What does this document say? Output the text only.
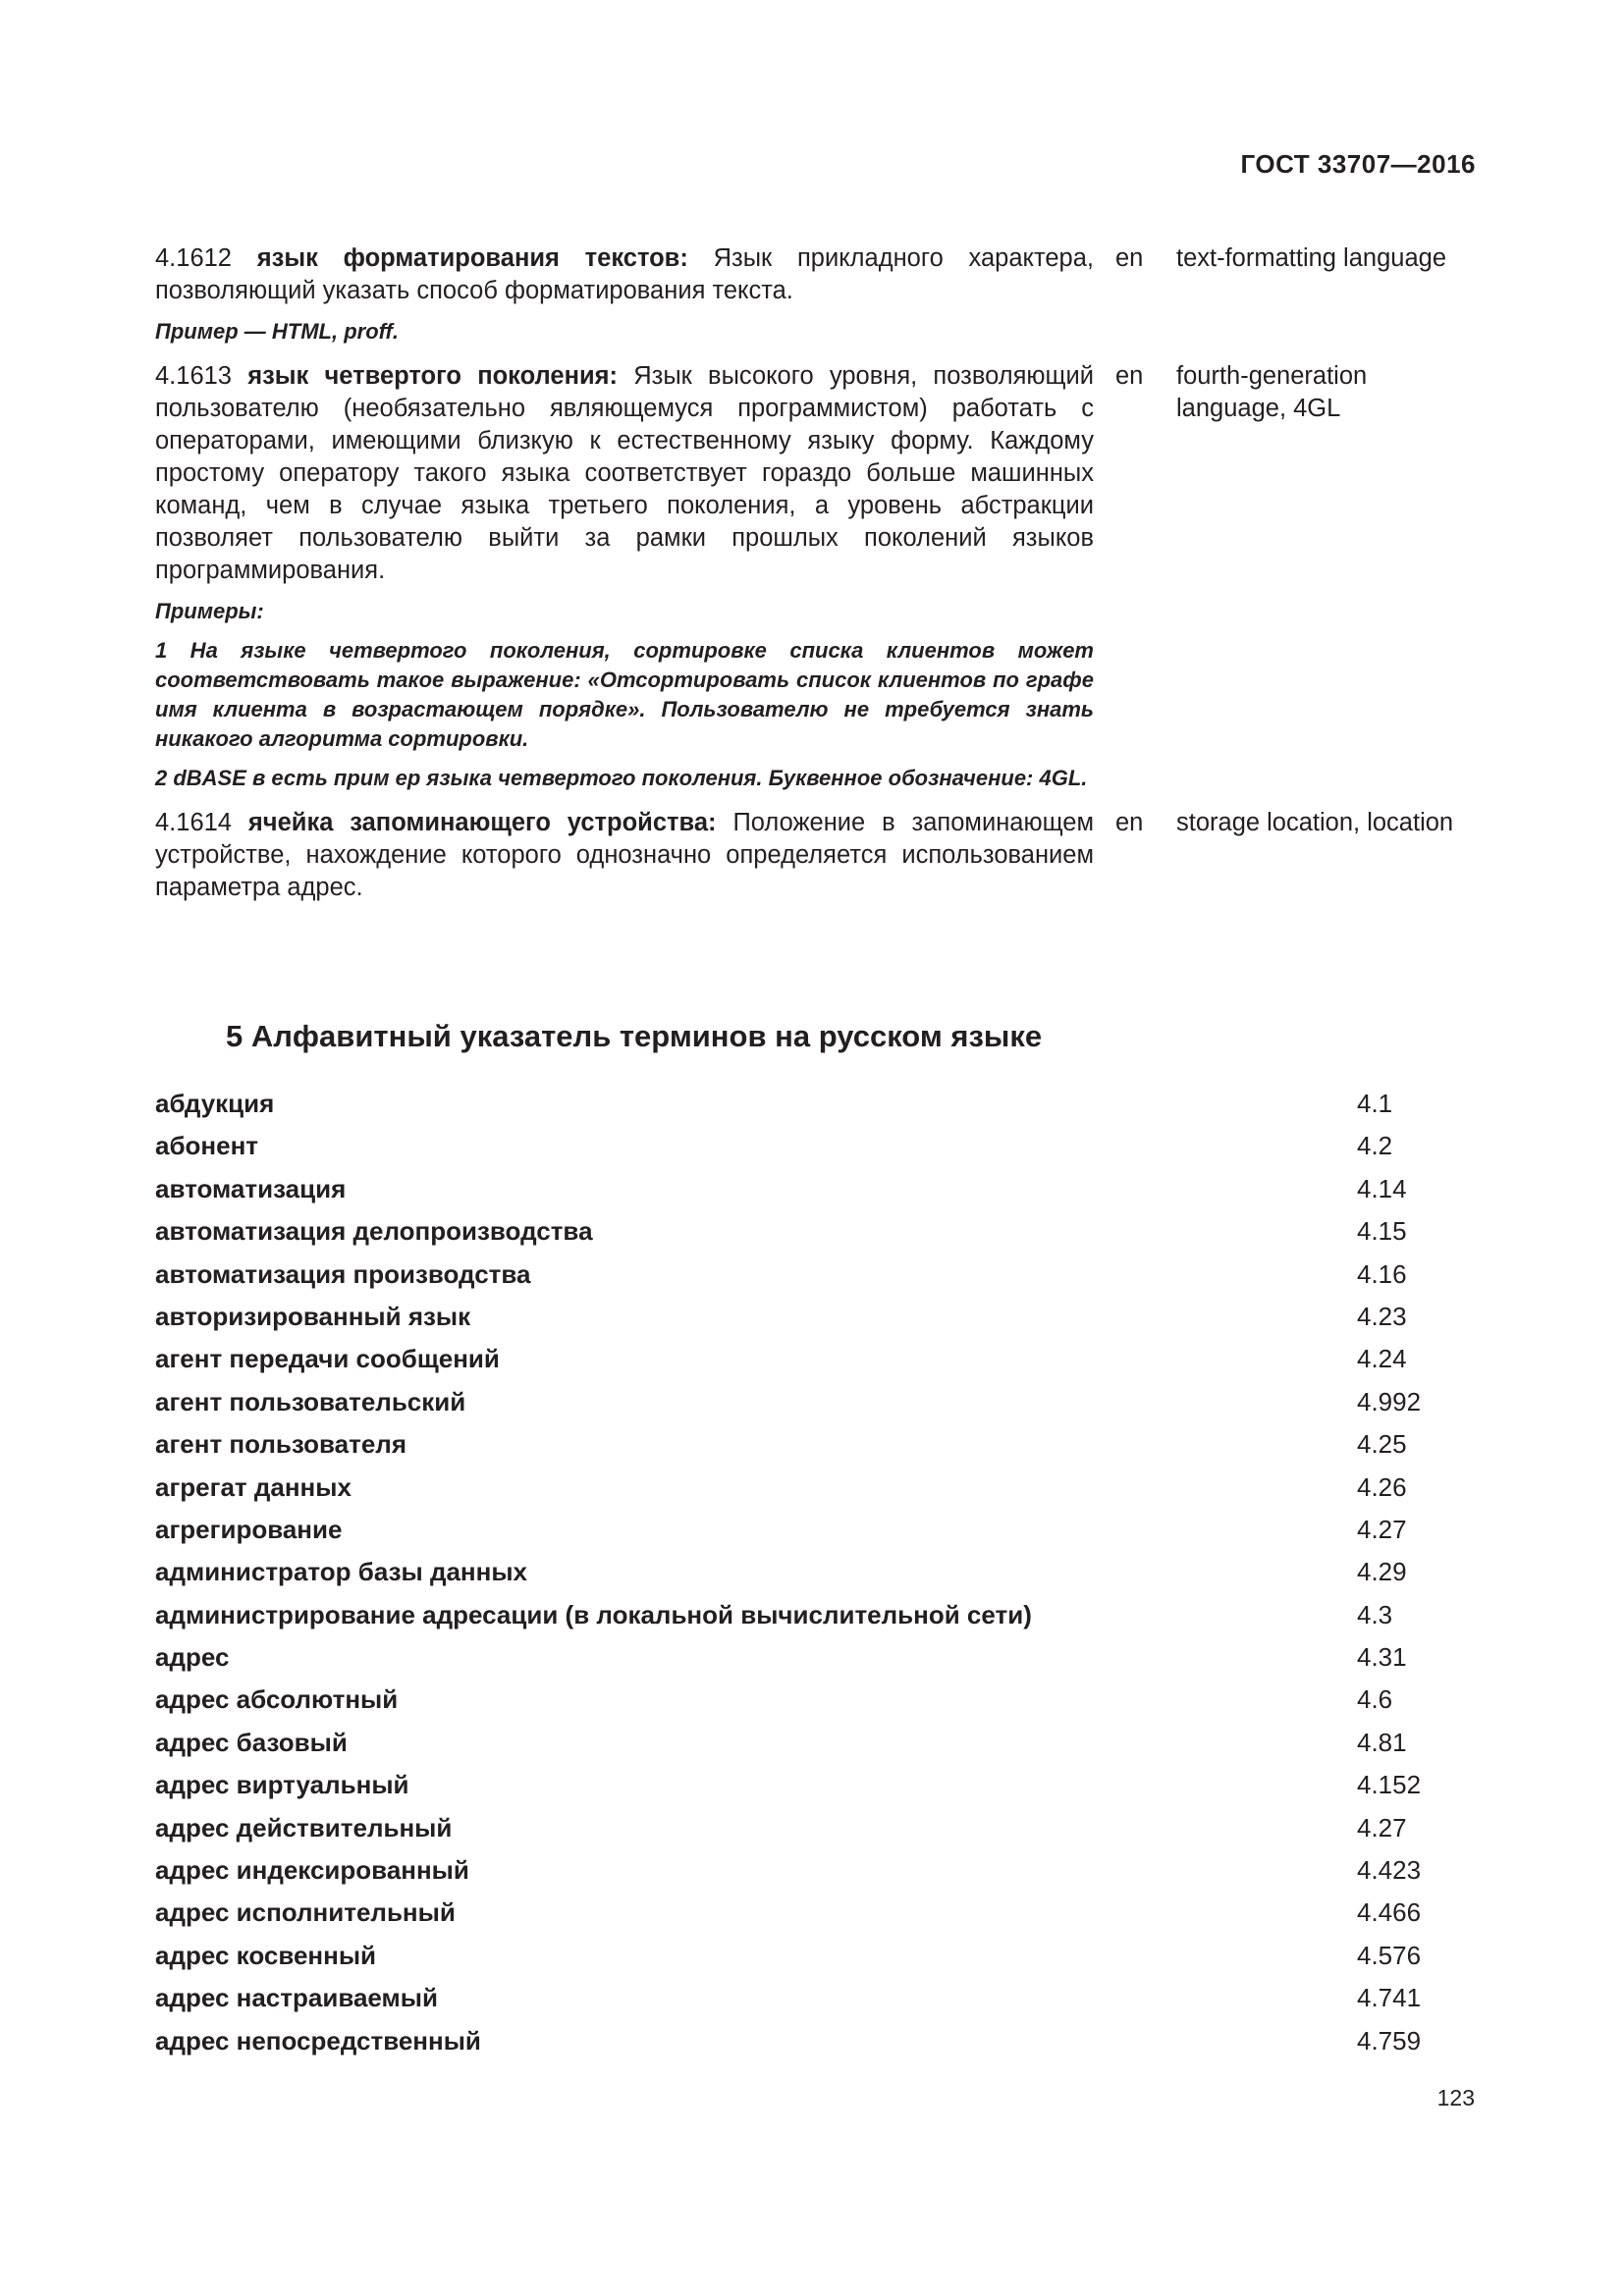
ГОСТ 33707—2016

4.1612 язык форматирования текстов: Язык прикладного характера, позволяющий указать способ форматирования текста.

Пример — HTML, proff.

en	text-formatting language

4.1613 язык четвертого поколения: Язык высокого уровня, позволяющий пользователю (необязательно являющемуся программистом) работать с операторами, имеющими близкую к естественному языку форму. Каждому простому оператору такого языка соответствует гораздо больше машинных команд, чем в случае языка третьего поколения, а уровень абстракции позволяет пользователю выйти за рамки прошлых поколений языков программирования.

Примеры:

1 На языке четвертого поколения, сортировке списка клиентов может соответствовать такое выражение: «Отсортировать список клиентов по графе имя клиента в возрастающем порядке». Пользователю не требуется знать никакого алгоритма сортировки.

2 dBASE в есть прим ер языка четвертого поколения. Буквенное обозначение: 4GL.

en	fourth-generation language, 4GL

4.1614 ячейка запоминающего устройства: Положение в запоминающем устройстве, нахождение которого однозначно определяется использованием параметра адрес.

en	storage location, location
5 Алфавитный указатель терминов на русском языке
абдукция	4.1
абонент	4.2
автоматизация	4.14
автоматизация делопроизводства	4.15
автоматизация производства	4.16
авторизированный язык	4.23
агент передачи сообщений	4.24
агент пользовательский	4.992
агент пользователя	4.25
агрегат данных	4.26
агрегирование	4.27
администратор базы данных	4.29
администрирование адресации (в локальной вычислительной сети)	4.3
адрес	4.31
адрес абсолютный	4.6
адрес базовый	4.81
адрес виртуальный	4.152
адрес действительный	4.27
адрес индексированный	4.423
адрес исполнительный	4.466
адрес косвенный	4.576
адрес настраиваемый	4.741
адрес непосредственный	4.759
123
